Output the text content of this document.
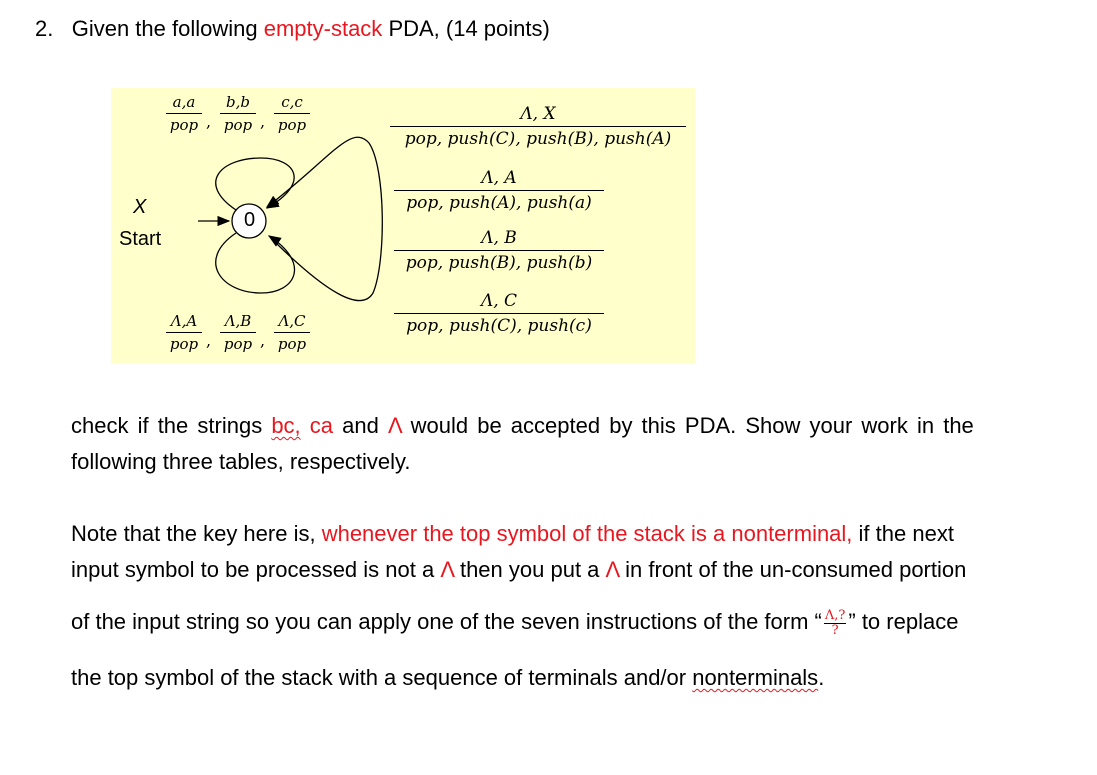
2. Given the following empty-stack PDA, (14 points)
0
X
Start
a,a
pop ,
b,b
pop ,
c,c
pop
Λ,A
pop ,
Λ,B
pop ,
Λ,C
pop
Λ, X
pop, push(C), push(B), push(A)
Λ, A
pop, push(A), push(a)
Λ, B
pop, push(B), push(b)
Λ, C
pop, push(C), push(c)
check if the strings bc, ca and Λ would be accepted by this PDA. Show your work in the
following three tables, respectively.
Note that the key here is, whenever the top symbol of the stack is a nonterminal, if the next
input symbol to be processed is not a Λ then you put a Λ in front of the un-consumed portion
of the input string so you can apply one of the seven instructions of the form “ $\frac{\Lambda,?}{?}$ ” to replace
the top symbol of the stack with a sequence of terminals and/or nonterminals.
